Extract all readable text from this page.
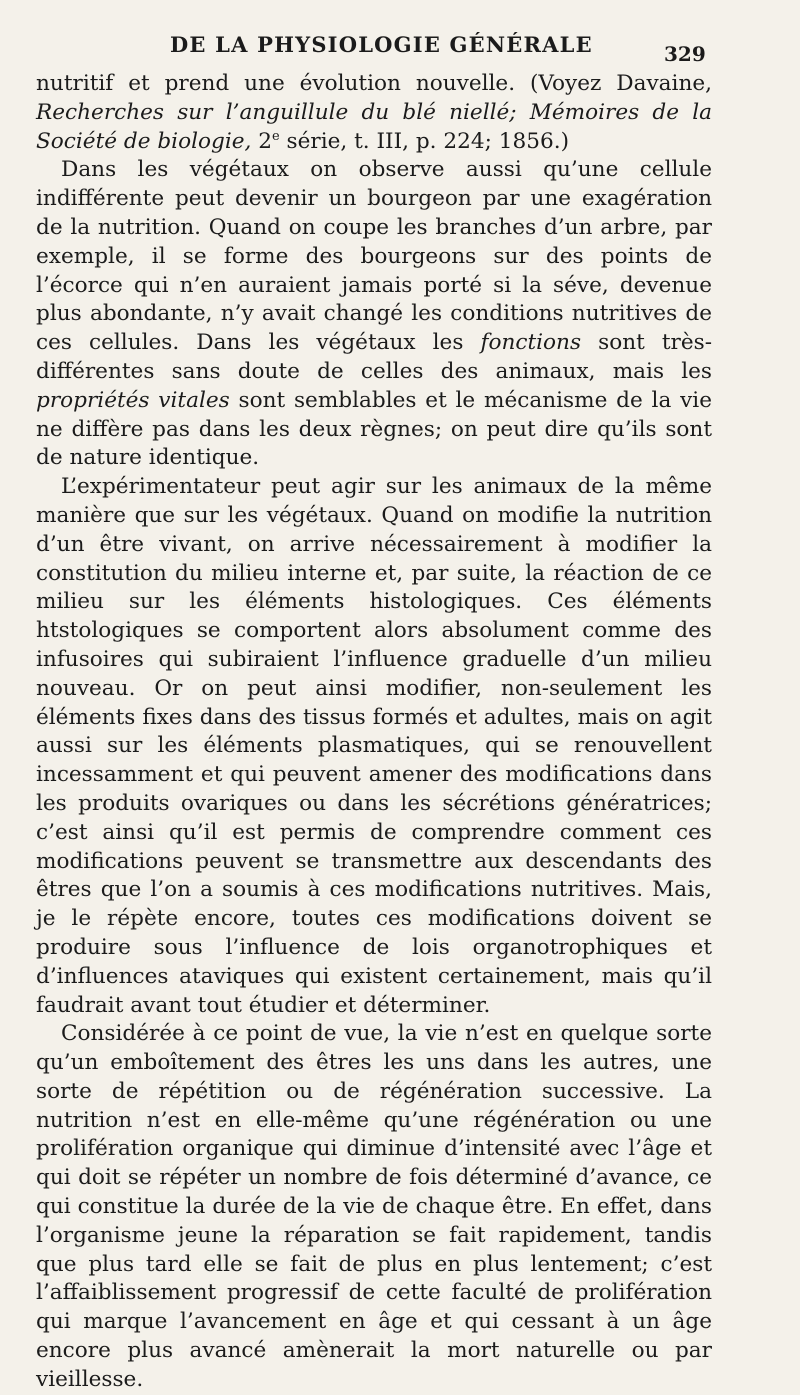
DE LA PHYSIOLOGIE GÉNÉRALE	329

nutritif et prend une évolution nouvelle. (Voyez Davaine, Recherches sur l’anguillule du blé niellé; Mémoires de la Société de biologie, 2e série, t. III, p. 224; 1856.)

Dans les végétaux on observe aussi qu’une cellule indifférente peut devenir un bourgeon par une exagération de la nutrition. Quand on coupe les branches d’un arbre, par exemple, il se forme des bourgeons sur des points de l’écorce qui n’en auraient jamais porté si la séve, devenue plus abondante, n’y avait changé les conditions nutritives de ces cellules. Dans les végétaux les fonctions sont très-différentes sans doute de celles des animaux, mais les propriétés vitales sont semblables et le mécanisme de la vie ne diffère pas dans les deux règnes; on peut dire qu’ils sont de nature identique.

L’expérimentateur peut agir sur les animaux de la même manière que sur les végétaux. Quand on modifie la nutrition d’un être vivant, on arrive nécessairement à modifier la constitution du milieu interne et, par suite, la réaction de ce milieu sur les éléments histologiques. Ces éléments htstologiques se comportent alors absolument comme des infusoires qui subiraient l’influence graduelle d’un milieu nouveau. Or on peut ainsi modifier, non-seulement les éléments fixes dans des tissus formés et adultes, mais on agit aussi sur les éléments plasmatiques, qui se renouvellent incessamment et qui peuvent amener des modifications dans les produits ovariques ou dans les sécrétions génératrices; c’est ainsi qu’il est permis de comprendre comment ces modifications peuvent se transmettre aux descendants des êtres que l’on a soumis à ces modifications nutritives. Mais, je le répète encore, toutes ces modifications doivent se produire sous l’influence de lois organotrophiques et d’influences ataviques qui existent certainement, mais qu’il faudrait avant tout étudier et déterminer.

Considérée à ce point de vue, la vie n’est en quelque sorte qu’un emboîtement des êtres les uns dans les autres, une sorte de répétition ou de régénération successive. La nutrition n’est en elle-même qu’une régénération ou une prolifération organique qui diminue d’intensité avec l’âge et qui doit se répéter un nombre de fois déterminé d’avance, ce qui constitue la durée de la vie de chaque être. En effet, dans l’organisme jeune la réparation se fait rapidement, tandis que plus tard elle se fait de plus en plus lentement; c’est l’affaiblissement progressif de cette faculté de prolifération qui marque l’avancement en âge et qui cessant à un âge encore plus avancé amènerait la mort naturelle ou par vieillesse.
